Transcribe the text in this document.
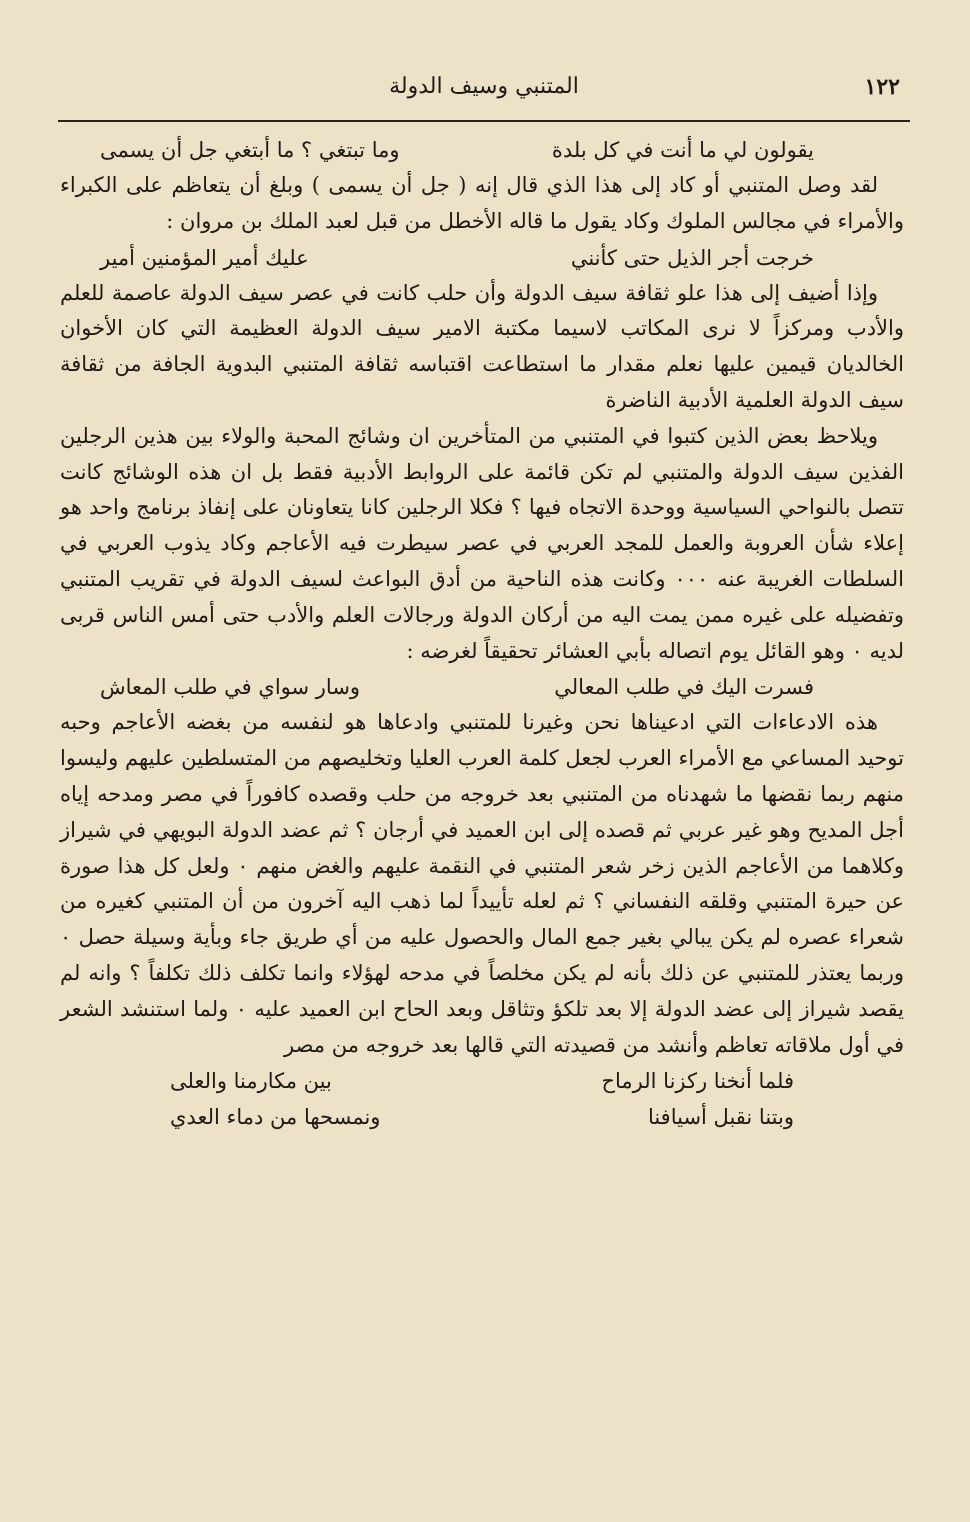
١٢٢
المتنبي وسيف الدولة
يقولون لي ما أنت في كل بلدة
وما تبتغي ؟ ما أبتغي جل أن يسمى

لقد وصل المتنبي أو كاد إلى هذا الذي قال إنه ( جل أن يسمى ) وبلغ أن يتعاظم على الكبراء والأمراء في مجالس الملوك وكاد يقول ما قاله الأخطل من قبل لعبد الملك بن مروان :

خرجت أجر الذيل حتى كأنني
عليك أمير المؤمنين أمير

وإذا أضيف إلى هذا علو ثقافة سيف الدولة وأن حلب كانت في عصر سيف الدولة عاصمة للعلم والأدب ومركزاً لا نرى المكاتب لاسيما مكتبة الامير سيف الدولة العظيمة التي كان الأخوان الخالديان قيمين عليها نعلم مقدار ما استطاعت اقتباسه ثقافة المتنبي البدوية الجافة من ثقافة سيف الدولة العلمية الأدبية الناضرة

ويلاحظ بعض الذين كتبوا في المتنبي من المتأخرين ان وشائج المحبة والولاء بين هذين الرجلين الفذين سيف الدولة والمتنبي لم تكن قائمة على الروابط الأدبية فقط بل ان هذه الوشائج كانت تتصل بالنواحي السياسية ووحدة الاتجاه فيها ؟ فكلا الرجلين كانا يتعاونان على إنفاذ برنامج واحد هو إعلاء شأن العروبة والعمل للمجد العربي في عصر سيطرت فيه الأعاجم وكاد يذوب العربي في السلطات الغريبة عنه ٠٠٠ وكانت هذه الناحية من أدق البواعث لسيف الدولة في تقريب المتنبي وتفضيله على غيره ممن يمت اليه من أركان الدولة ورجالات العلم والأدب حتى أمس الناس قربى لديه ٠ وهو القائل يوم اتصاله بأبي العشائر تحقيقاً لغرضه :

فسرت اليك في طلب المعالي
وسار سواي في طلب المعاش

هذه الادعاءات التي ادعيناها نحن وغيرنا للمتنبي وادعاها هو لنفسه من بغضه الأعاجم وحبه توحيد المساعي مع الأمراء العرب لجعل كلمة العرب العليا وتخليصهم من المتسلطين عليهم وليسوا منهم ربما نقضها ما شهدناه من المتنبي بعد خروجه من حلب وقصده كافوراً في مصر ومدحه إياه أجل المديح وهو غير عربي ثم قصده إلى ابن العميد في أرجان ؟ ثم عضد الدولة البويهي في شيراز وكلاهما من الأعاجم الذين زخر شعر المتنبي في النقمة عليهم والغض منهم ٠ ولعل كل هذا صورة عن حيرة المتنبي وقلقه النفساني ؟ ثم لعله تأييداً لما ذهب اليه آخرون من أن المتنبي كغيره من شعراء عصره لم يكن يبالي بغير جمع المال والحصول عليه من أي طريق جاء وبأية وسيلة حصل ٠ وربما يعتذر للمتنبي عن ذلك بأنه لم يكن مخلصاً في مدحه لهؤلاء وانما تكلف ذلك تكلفاً ؟ وانه لم يقصد شيراز إلى عضد الدولة إلا بعد تلكؤ وتثاقل وبعد الحاح ابن العميد عليه ٠ ولما استنشد الشعر في أول ملاقاته تعاظم وأنشد من قصيدته التي قالها بعد خروجه من مصر

فلما أنخنا ركزنا الرماح
بين مكارمنا والعلى
وبتنا نقبل أسيافنا
ونمسحها من دماء العدي
